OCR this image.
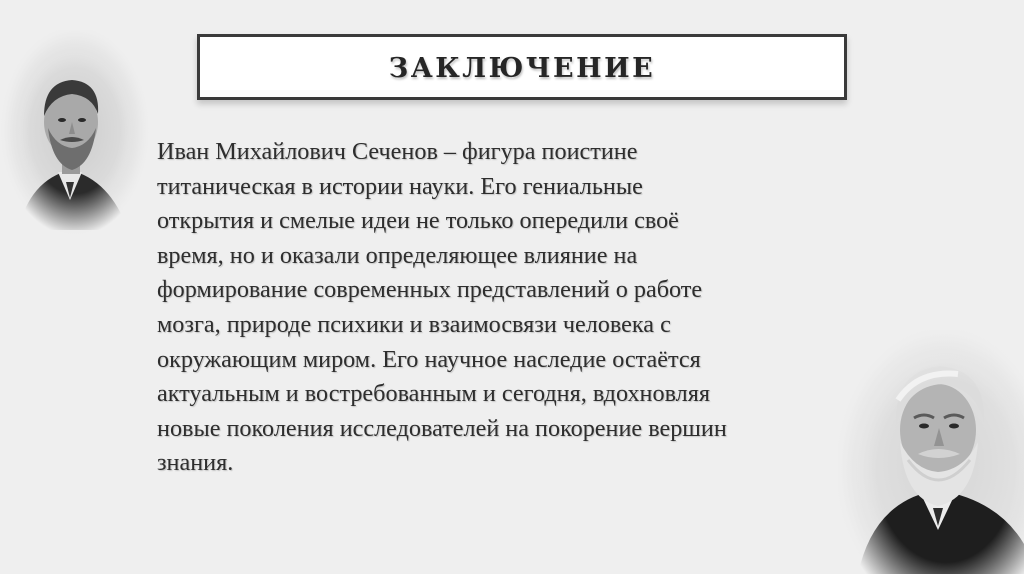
ЗАКЛЮЧЕНИЕ
Иван Михайлович Сеченов – фигура поистине
титаническая в истории науки. Его гениальные
открытия и смелые идеи не только опередили своё
время, но и оказали определяющее влияние на
формирование современных представлений о работе
мозга, природе психики и взаимосвязи человека с
окружающим миром. Его научное наследие остаётся
актуальным и востребованным и сегодня, вдохновляя
новые поколения исследователей на покорение вершин
знания.
